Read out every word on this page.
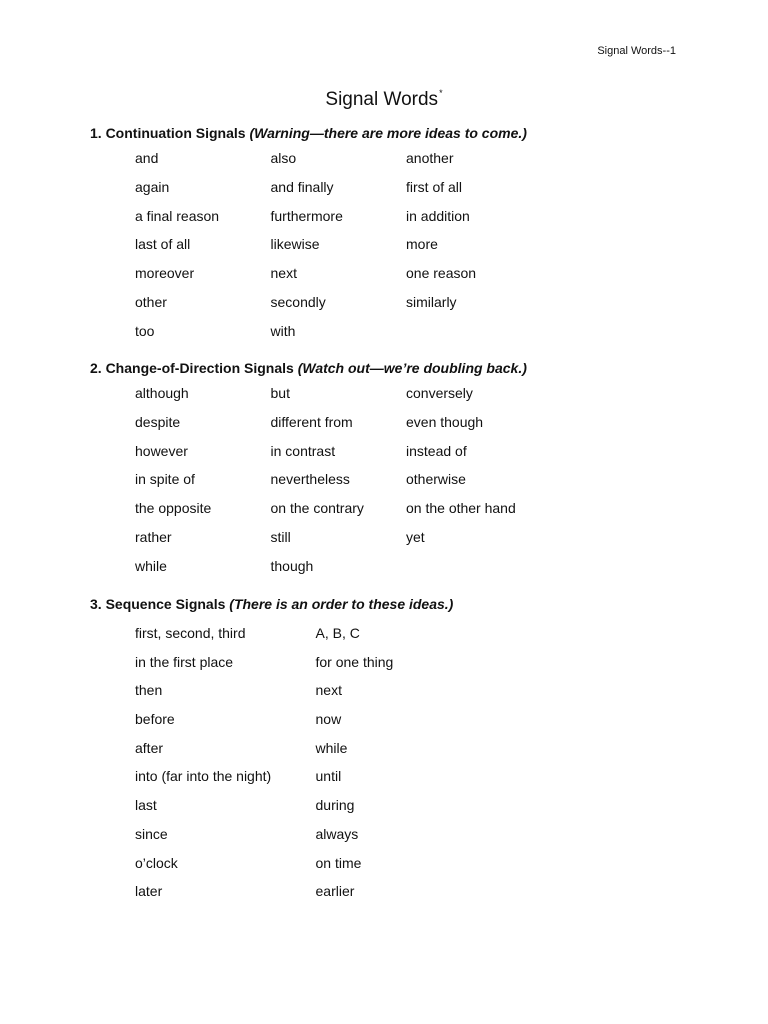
Signal Words--1
Signal Words*
1. Continuation Signals (Warning—there are more ideas to come.)
and	also	another
again	and finally	first of all
a final reason	furthermore	in addition
last of all	likewise	more
moreover	next	one reason
other	secondly	similarly
too	with
2. Change-of-Direction Signals (Watch out—we’re doubling back.)
although	but	conversely
despite	different from	even though
however	in contrast	instead of
in spite of	nevertheless	otherwise
the opposite	on the contrary	on the other hand
rather	still	yet
while	though
3. Sequence Signals (There is an order to these ideas.)
first, second, third	A, B, C
in the first place	for one thing
then	next
before	now
after	while
into (far into the night)	until
last	during
since	always
o’clock	on time
later	earlier
